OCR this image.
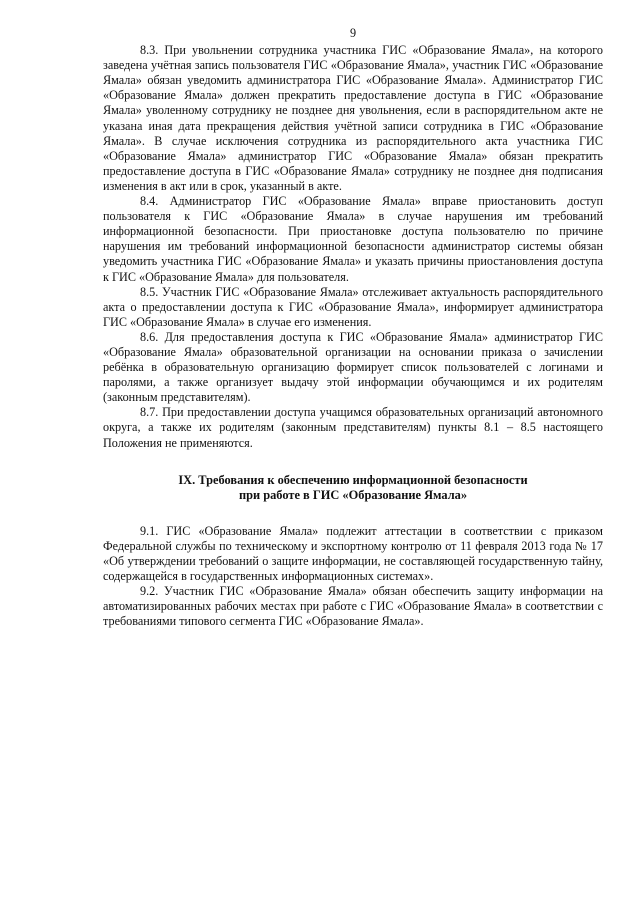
9

8.3. При увольнении сотрудника участника ГИС «Образование Ямала», на которого заведена учётная запись пользователя ГИС «Образование Ямала», участник ГИС «Образование Ямала» обязан уведомить администратора ГИС «Образование Ямала». Администратор ГИС «Образование Ямала» должен прекратить предоставление доступа в ГИС «Образование Ямала» уволенному сотруднику не позднее дня увольнения, если в распорядительном акте не указана иная дата прекращения действия учётной записи сотрудника в ГИС «Образование Ямала». В случае исключения сотрудника из распорядительного акта участника ГИС «Образование Ямала» администратор ГИС «Образование Ямала» обязан прекратить предоставление доступа в ГИС «Образование Ямала» сотруднику не позднее дня подписания изменения в акт или в срок, указанный в акте.

8.4. Администратор ГИС «Образование Ямала» вправе приостановить доступ пользователя к ГИС «Образование Ямала» в случае нарушения им требований информационной безопасности. При приостановке доступа пользователю по причине нарушения им требований информационной безопасности администратор системы обязан уведомить участника ГИС «Образование Ямала» и указать причины приостановления доступа к ГИС «Образование Ямала» для пользователя.

8.5. Участник ГИС «Образование Ямала» отслеживает актуальность распорядительного акта о предоставлении доступа к ГИС «Образование Ямала», информирует администратора ГИС «Образование Ямала» в случае его изменения.

8.6. Для предоставления доступа к ГИС «Образование Ямала» администратор ГИС «Образование Ямала» образовательной организации на основании приказа о зачислении ребёнка в образовательную организацию формирует список пользователей с логинами и паролями, а также организует выдачу этой информации обучающимся и их родителям (законным представителям).

8.7. При предоставлении доступа учащимся образовательных организаций автономного округа, а также их родителям (законным представителям) пункты 8.1 – 8.5 настоящего Положения не применяются.

IX. Требования к обеспечению информационной безопасности
при работе в ГИС «Образование Ямала»

9.1. ГИС «Образование Ямала» подлежит аттестации в соответствии с приказом Федеральной службы по техническому и экспортному контролю от 11 февраля 2013 года № 17 «Об утверждении требований о защите информации, не составляющей государственную тайну, содержащейся в государственных информационных системах».

9.2. Участник ГИС «Образование Ямала» обязан обеспечить защиту информации на автоматизированных рабочих местах при работе с ГИС «Образование Ямала» в соответствии с требованиями типового сегмента ГИС «Образование Ямала».
